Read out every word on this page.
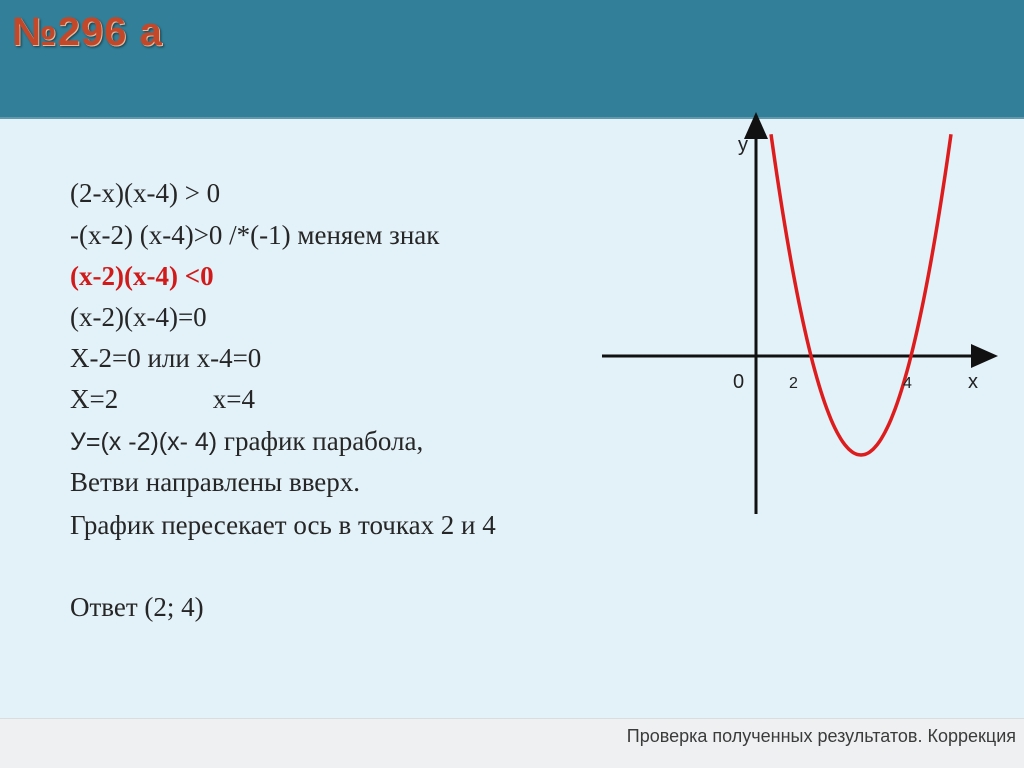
№296 а
(2-x)(x-4) > 0
-(x-2) (x-4)>0 /*(-1) меняем знак
(x-2)(x-4) <0
(x-2)(x-4)=0
X-2=0 или x-4=0
X=2              x=4
У=(x -2)(x- 4) график парабола,
Ветви направлены вверх.
График пересекает ось в точках 2 и 4
Ответ (2; 4)
у
x
0	2	4
Проверка полученных результатов. Коррекция
